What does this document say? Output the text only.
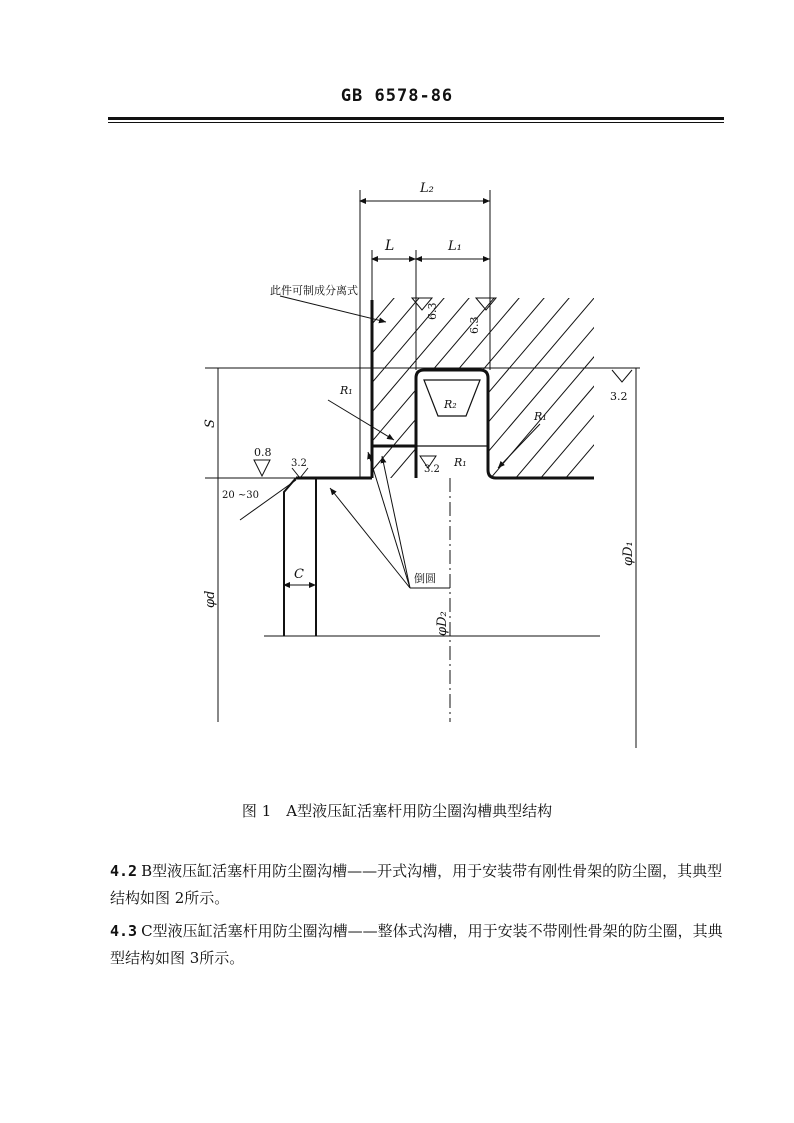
GB 6578-86
L₂
L	L₁
此件可制成分离式
6.3
6.3
3.2
R₁
R₂
R₁
S
0.8
3.2
3.2
R₁
20 ~30
C	倒圆
φd
φD₂
φD₁
图 1　A型液压缸活塞杆用防尘圈沟槽典型结构
4.2 B型液压缸活塞杆用防尘圈沟槽——开式沟槽，用于安装带有刚性骨架的防尘圈，其典型结构如图 2所示。
4.3 C型液压缸活塞杆用防尘圈沟槽——整体式沟槽，用于安装不带刚性骨架的防尘圈，其典型结构如图 3所示。
